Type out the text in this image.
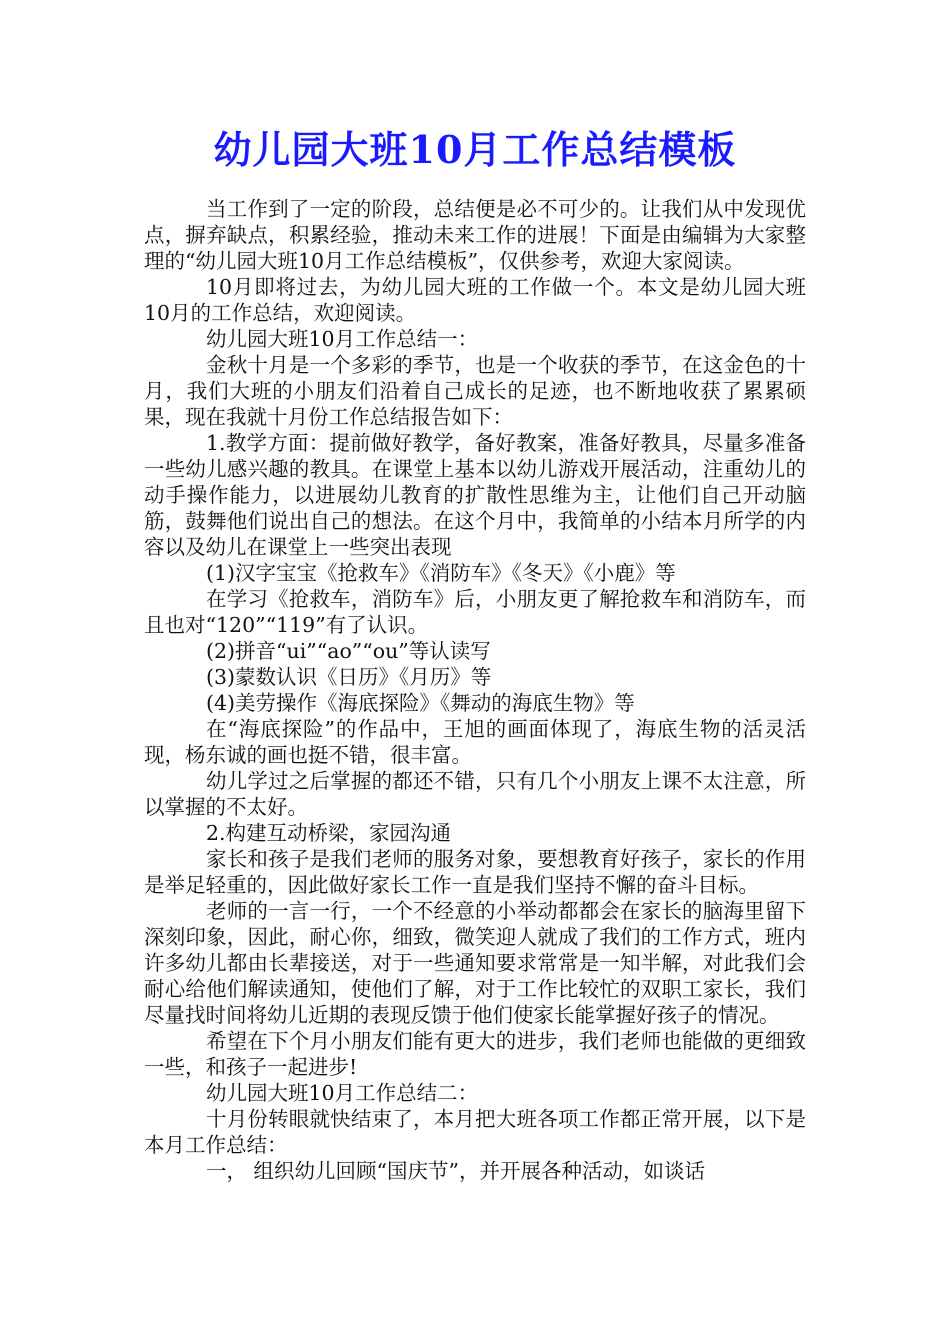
幼儿园大班10月工作总结模板

当工作到了一定的阶段，总结便是必不可少的。让我们从中发现优点，摒弃缺点，积累经验，推动未来工作的进展！下面是由编辑为大家整理的“幼儿园大班10月工作总结模板”，仅供参考，欢迎大家阅读。

10月即将过去，为幼儿园大班的工作做一个。本文是幼儿园大班10月的工作总结，欢迎阅读。

幼儿园大班10月工作总结一：

金秋十月是一个多彩的季节，也是一个收获的季节，在这金色的十月，我们大班的小朋友们沿着自己成长的足迹，也不断地收获了累累硕果，现在我就十月份工作总结报告如下：

1.教学方面：提前做好教学，备好教案，准备好教具，尽量多准备一些幼儿感兴趣的教具。在课堂上基本以幼儿游戏开展活动，注重幼儿的动手操作能力，以进展幼儿教育的扩散性思维为主，让他们自己开动脑筋，鼓舞他们说出自己的想法。在这个月中，我简单的小结本月所学的内容以及幼儿在课堂上一些突出表现

(1)汉字宝宝《抢救车》《消防车》《冬天》《小鹿》等

在学习《抢救车，消防车》后，小朋友更了解抢救车和消防车，而且也对“120”“119”有了认识。

(2)拼音“ui”“ao”“ou”等认读写

(3)蒙数认识《日历》《月历》等

(4)美劳操作《海底探险》《舞动的海底生物》等

在“海底探险”的作品中，王旭的画面体现了，海底生物的活灵活现，杨东诚的画也挺不错，很丰富。

幼儿学过之后掌握的都还不错，只有几个小朋友上课不太注意，所以掌握的不太好。

2.构建互动桥梁，家园沟通

家长和孩子是我们老师的服务对象，要想教育好孩子，家长的作用是举足轻重的，因此做好家长工作一直是我们坚持不懈的奋斗目标。

老师的一言一行，一个不经意的小举动都都会在家长的脑海里留下深刻印象，因此，耐心你，细致，微笑迎人就成了我们的工作方式，班内许多幼儿都由长辈接送，对于一些通知要求常常是一知半解，对此我们会耐心给他们解读通知，使他们了解，对于工作比较忙的双职工家长，我们尽量找时间将幼儿近期的表现反馈于他们使家长能掌握好孩子的情况。

希望在下个月小朋友们能有更大的进步，我们老师也能做的更细致一些，和孩子一起进步!

幼儿园大班10月工作总结二：

十月份转眼就快结束了，本月把大班各项工作都正常开展，以下是本月工作总结：

一， 组织幼儿回顾“国庆节”，并开展各种活动，如谈话
